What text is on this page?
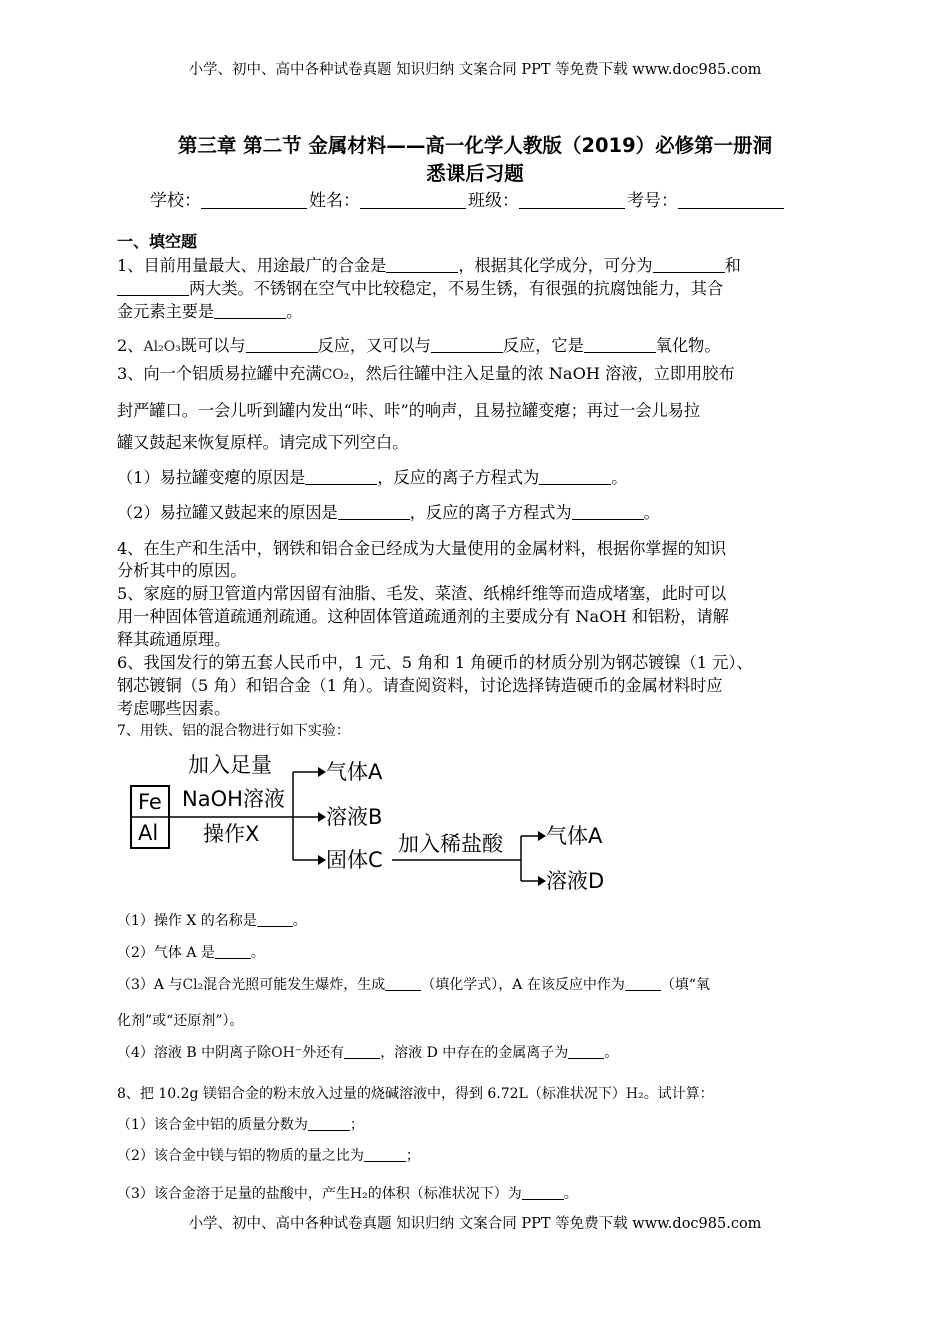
小学、初中、高中各种试卷真题 知识归纳 文案合同 PPT 等免费下载 www.doc985.com
第三章 第二节 金属材料——高一化学人教版（2019）必修第一册洞
悉课后习题
学校：	姓名：	班级：	考号：
一、填空题
1、目前用量最大、用途最广的合金是	，根据其化学成分，可分为	和
两大类。不锈钢在空气中比较稳定，不易生锈，有很强的抗腐蚀能力，其合
金元素主要是	。
2、Al₂O₃既可以与	反应，又可以与	反应，它是	氧化物。
3、向一个铝质易拉罐中充满CO₂，然后往罐中注入足量的浓 NaOH 溶液，立即用胶布
封严罐口。一会儿听到罐内发出“咔、咔”的响声，且易拉罐变瘪；再过一会儿易拉
罐又鼓起来恢复原样。请完成下列空白。
（1）易拉罐变瘪的原因是	，反应的离子方程式为	。
（2）易拉罐又鼓起来的原因是	，反应的离子方程式为	。
4、在生产和生活中，钢铁和铝合金已经成为大量使用的金属材料，根据你掌握的知识
分析其中的原因。
5、家庭的厨卫管道内常因留有油脂、毛发、菜渣、纸棉纤维等而造成堵塞，此时可以
用一种固体管道疏通剂疏通。这种固体管道疏通剂的主要成分有 NaOH 和铝粉，请解
释其疏通原理。
6、我国发行的第五套人民币中，1 元、5 角和 1 角硬币的材质分别为钢芯镀镍（1 元）、
钢芯镀铜（5 角）和铝合金（1 角）。请查阅资料，讨论选择铸造硬币的金属材料时应
考虑哪些因素。
7、用铁、铝的混合物进行如下实验：
Fe
Al
加入足量
NaOH溶液
操作X
气体A
溶液B
固体C
加入稀盐酸 气体A
溶液D
（1）操作 X 的名称是	。
（2）气体 A 是	。
（3）A 与Cl₂混合光照可能发生爆炸，生成	（填化学式），A 在该反应中作为	（填“氧
化剂”或“还原剂”）。
（4）溶液 B 中阴离子除OH⁻外还有	，溶液 D 中存在的金属离子为	。
8、把 10.2g 镁铝合金的粉末放入过量的烧碱溶液中，得到 6.72L（标准状况下）H₂。试计算：
（1）该合金中铝的质量分数为	；
（2）该合金中镁与铝的物质的量之比为	；
（3）该合金溶于足量的盐酸中，产生H₂的体积（标准状况下）为	。
小学、初中、高中各种试卷真题 知识归纳 文案合同 PPT 等免费下载 www.doc985.com
